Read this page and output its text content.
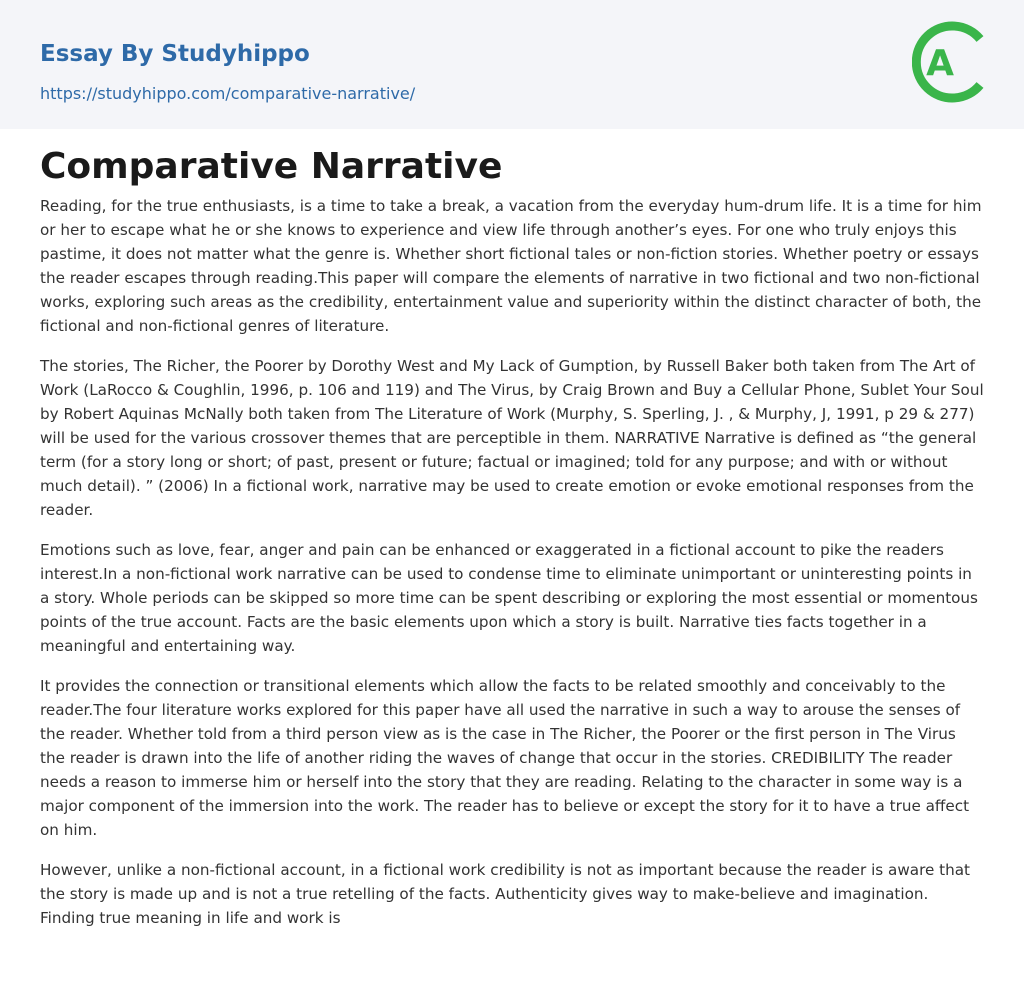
Essay By Studyhippo
https://studyhippo.com/comparative-narrative/
A
Comparative Narrative

Reading, for the true enthusiasts, is a time to take a break, a vacation from the everyday hum-drum life. It is a time for him or her to escape what he or she knows to experience and view life through another’s eyes. For one who truly enjoys this pastime, it does not matter what the genre is. Whether short fictional tales or non-fiction stories. Whether poetry or essays the reader escapes through reading.This paper will compare the elements of narrative in two fictional and two non-fictional works, exploring such areas as the credibility, entertainment value and superiority within the distinct character of both, the fictional and non-fictional genres of literature.

The stories, The Richer, the Poorer by Dorothy West and My Lack of Gumption, by Russell Baker both taken from The Art of Work (LaRocco & Coughlin, 1996, p. 106 and 119) and The Virus, by Craig Brown and Buy a Cellular Phone, Sublet Your Soul by Robert Aquinas McNally both taken from The Literature of Work (Murphy, S. Sperling, J. , & Murphy, J, 1991, p 29 & 277) will be used for the various crossover themes that are perceptible in them. NARRATIVE Narrative is defined as “the general term (for a story long or short; of past, present or future; factual or imagined; told for any purpose; and with or without much detail). ” (2006) In a fictional work, narrative may be used to create emotion or evoke emotional responses from the reader.

Emotions such as love, fear, anger and pain can be enhanced or exaggerated in a fictional account to pike the readers interest.In a non-fictional work narrative can be used to condense time to eliminate unimportant or uninteresting points in a story. Whole periods can be skipped so more time can be spent describing or exploring the most essential or momentous points of the true account. Facts are the basic elements upon which a story is built. Narrative ties facts together in a meaningful and entertaining way.

It provides the connection or transitional elements which allow the facts to be related smoothly and conceivably to the reader.The four literature works explored for this paper have all used the narrative in such a way to arouse the senses of the reader. Whether told from a third person view as is the case in The Richer, the Poorer or the first person in The Virus the reader is drawn into the life of another riding the waves of change that occur in the stories. CREDIBILITY The reader needs a reason to immerse him or herself into the story that they are reading. Relating to the character in some way is a major component of the immersion into the work. The reader has to believe or except the story for it to have a true affect on him.

However, unlike a non-fictional account, in a fictional work credibility is not as important because the reader is aware that the story is made up and is not a true retelling of the facts. Authenticity gives way to make-believe and imagination. Finding true meaning in life and work is
